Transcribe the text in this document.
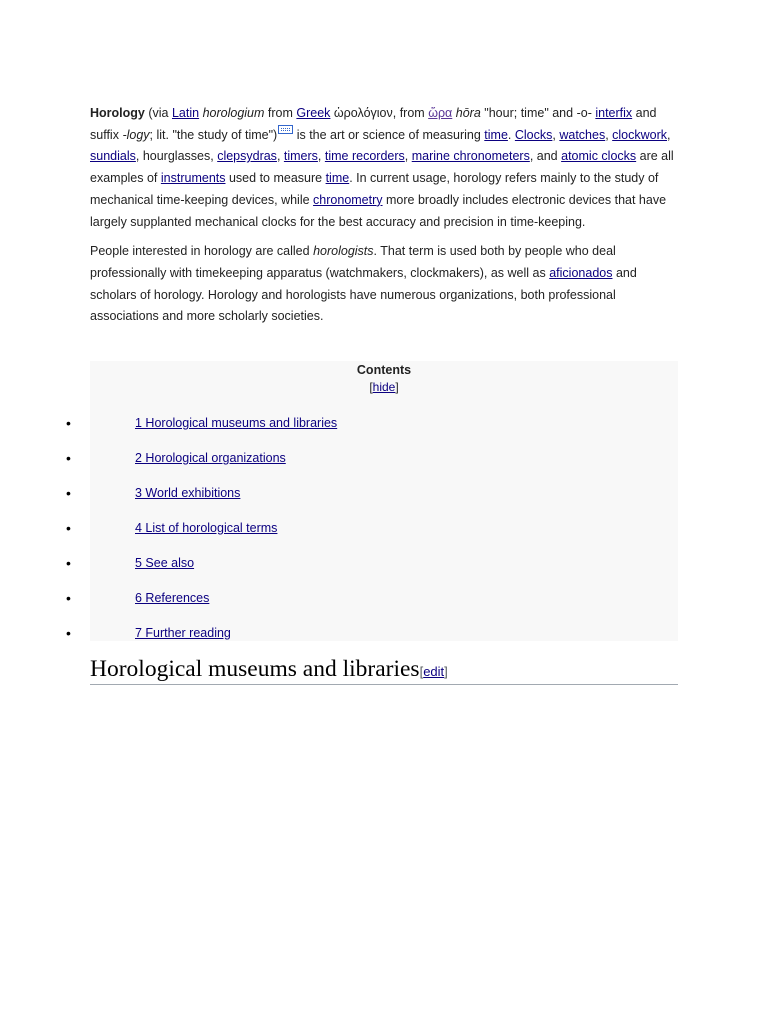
Horology (via Latin horologium from Greek ὡρολόγιον, from ὥρα hōra "hour; time" and -o- interfix and suffix -logy; lit. "the study of time") is the art or science of measuring time. Clocks, watches, clockwork, sundials, hourglasses, clepsydras, timers, time recorders, marine chronometers, and atomic clocks are all examples of instruments used to measure time. In current usage, horology refers mainly to the study of mechanical time-keeping devices, while chronometry more broadly includes electronic devices that have largely supplanted mechanical clocks for the best accuracy and precision in time-keeping.

People interested in horology are called horologists. That term is used both by people who deal professionally with timekeeping apparatus (watchmakers, clockmakers), as well as aficionados and scholars of horology. Horology and horologists have numerous organizations, both professional associations and more scholarly societies.

Contents
[hide]
•	1 Horological museums and libraries
•	2 Horological organizations
•	3 World exhibitions
•	4 List of horological terms
•	5 See also
•	6 References
•	7 Further reading
Horological museums and libraries[edit]
